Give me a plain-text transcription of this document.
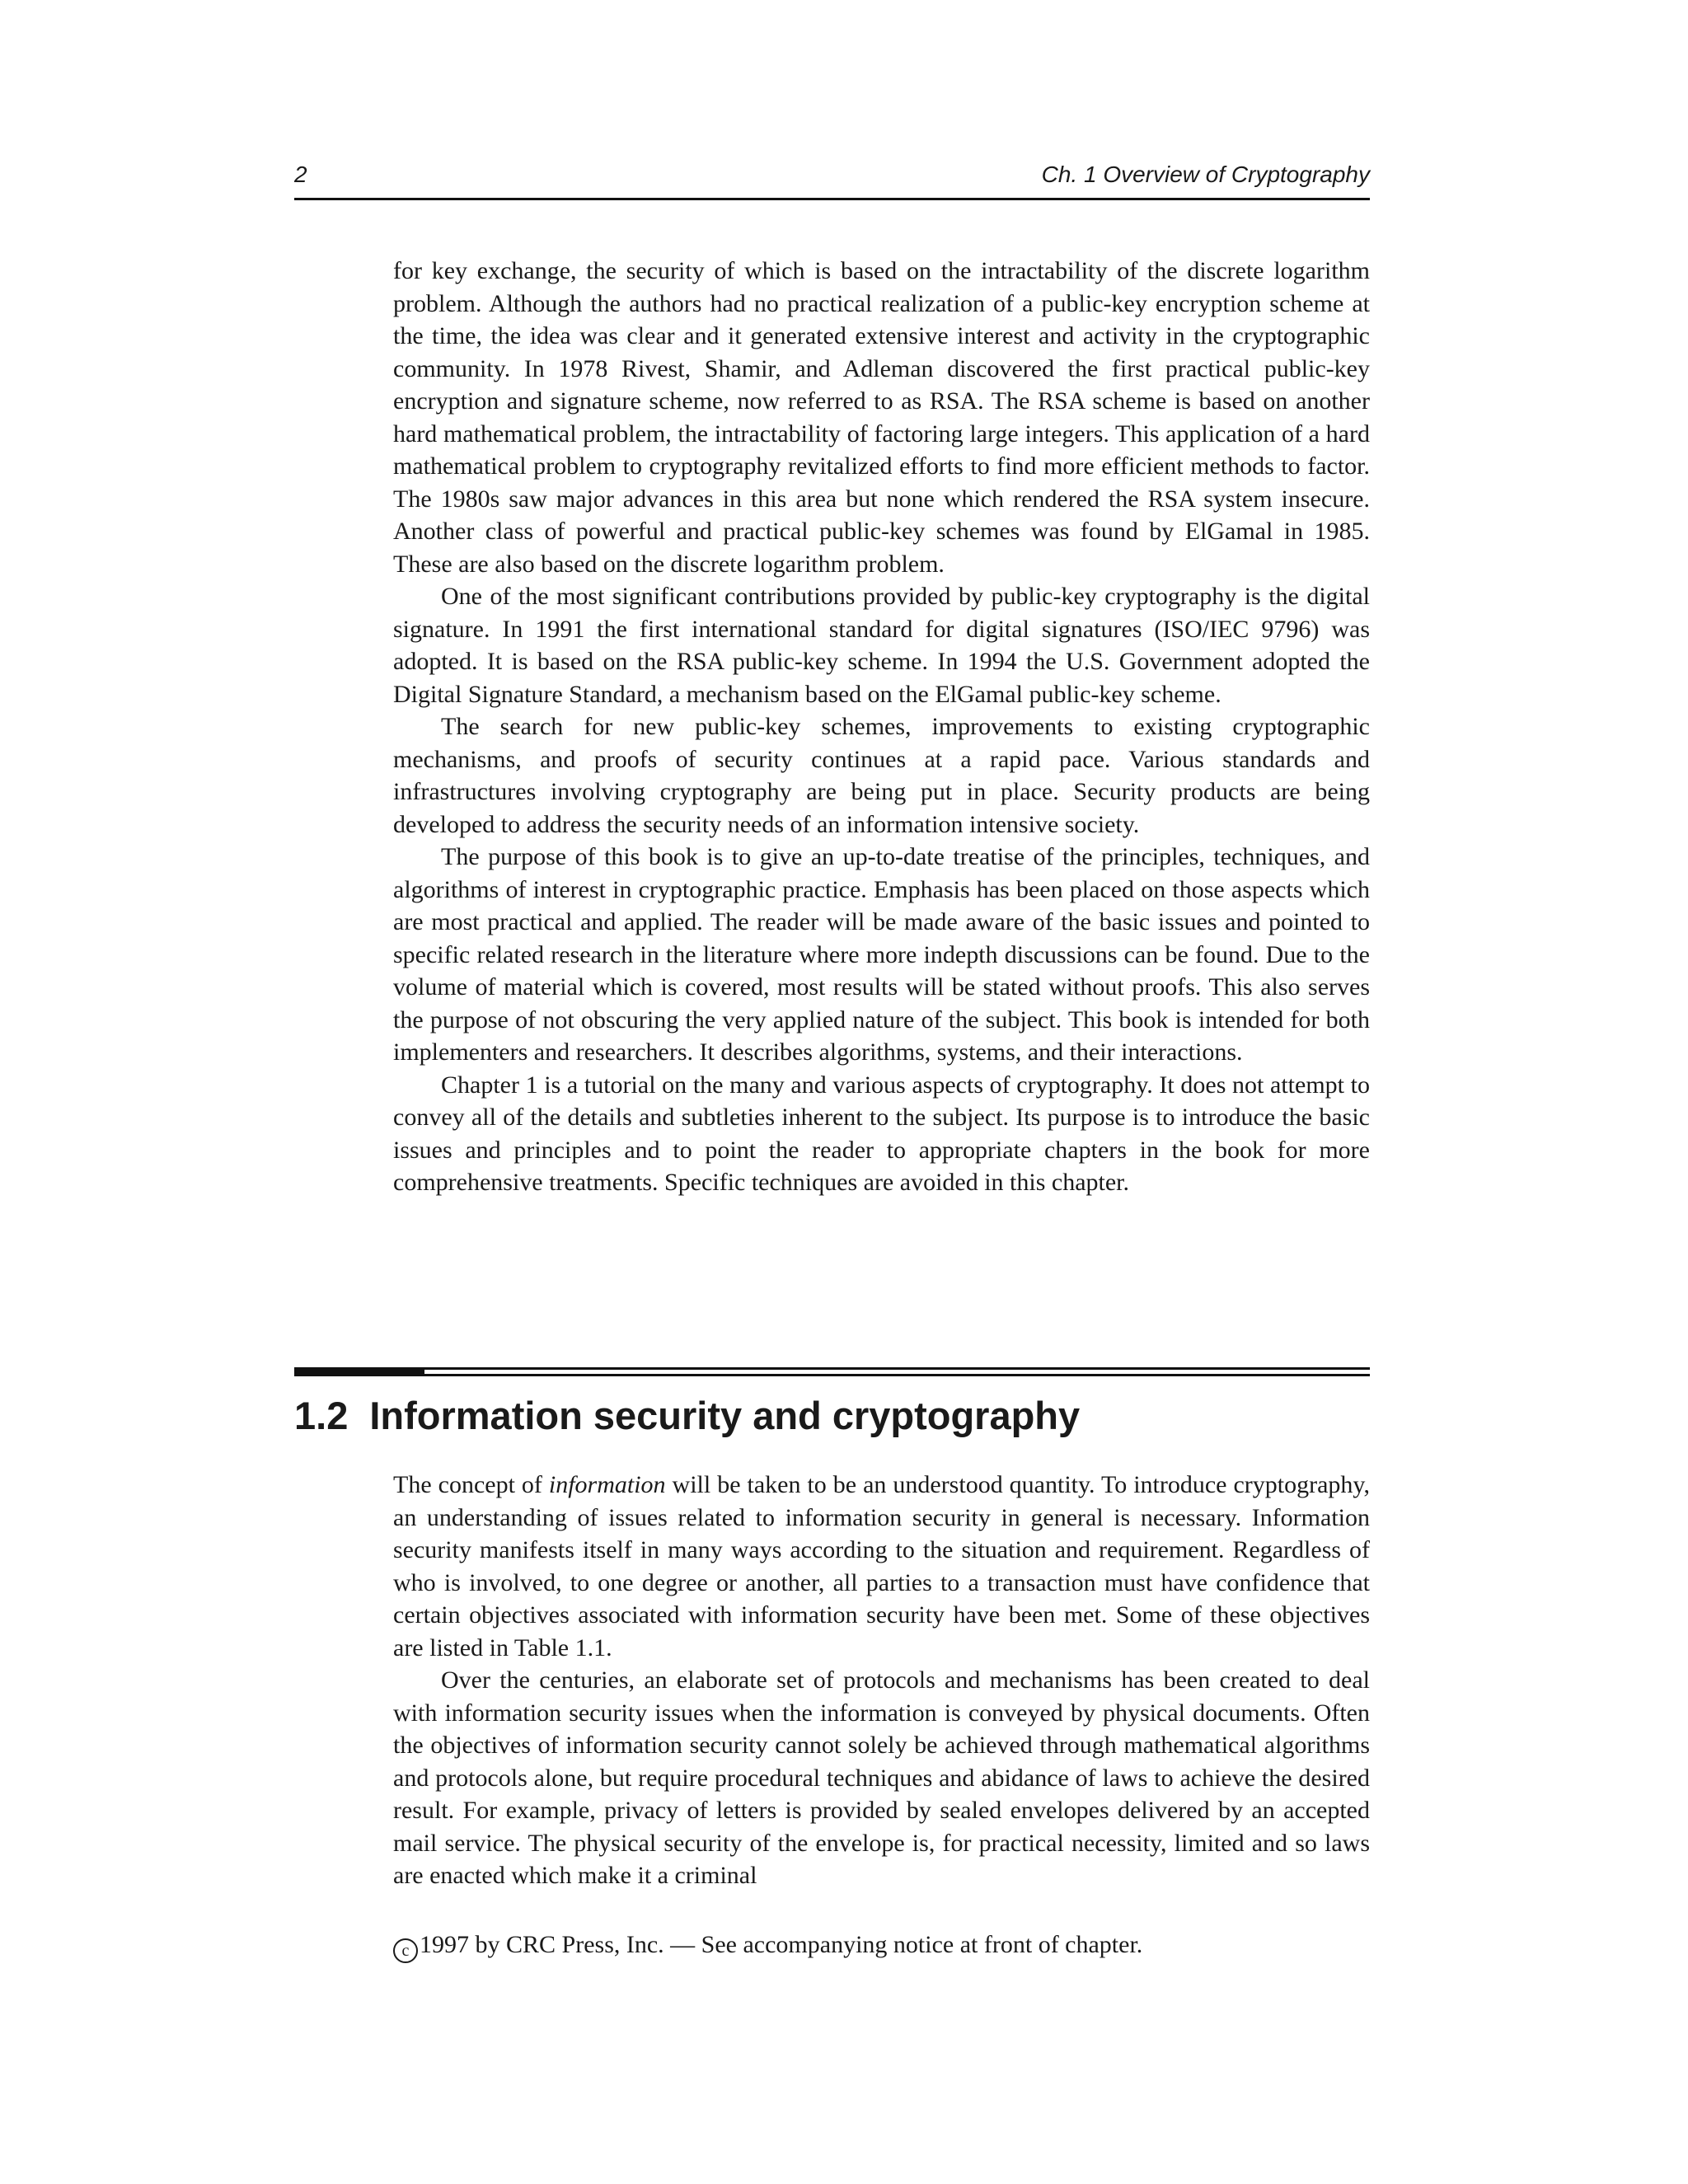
2	Ch. 1 Overview of Cryptography

for key exchange, the security of which is based on the intractability of the discrete logarithm problem. Although the authors had no practical realization of a public-key encryption scheme at the time, the idea was clear and it generated extensive interest and activity in the cryptographic community. In 1978 Rivest, Shamir, and Adleman discovered the first practical public-key encryption and signature scheme, now referred to as RSA. The RSA scheme is based on another hard mathematical problem, the intractability of factoring large integers. This application of a hard mathematical problem to cryptography revitalized efforts to find more efficient methods to factor. The 1980s saw major advances in this area but none which rendered the RSA system insecure. Another class of powerful and practical public-key schemes was found by ElGamal in 1985. These are also based on the discrete logarithm problem.

One of the most significant contributions provided by public-key cryptography is the digital signature. In 1991 the first international standard for digital signatures (ISO/IEC 9796) was adopted. It is based on the RSA public-key scheme. In 1994 the U.S. Government adopted the Digital Signature Standard, a mechanism based on the ElGamal public-key scheme.

The search for new public-key schemes, improvements to existing cryptographic mechanisms, and proofs of security continues at a rapid pace. Various standards and infrastructures involving cryptography are being put in place. Security products are being developed to address the security needs of an information intensive society.

The purpose of this book is to give an up-to-date treatise of the principles, techniques, and algorithms of interest in cryptographic practice. Emphasis has been placed on those aspects which are most practical and applied. The reader will be made aware of the basic issues and pointed to specific related research in the literature where more indepth discussions can be found. Due to the volume of material which is covered, most results will be stated without proofs. This also serves the purpose of not obscuring the very applied nature of the subject. This book is intended for both implementers and researchers. It describes algorithms, systems, and their interactions.

Chapter 1 is a tutorial on the many and various aspects of cryptography. It does not attempt to convey all of the details and subtleties inherent to the subject. Its purpose is to introduce the basic issues and principles and to point the reader to appropriate chapters in the book for more comprehensive treatments. Specific techniques are avoided in this chapter.

1.2 Information security and cryptography

The concept of information will be taken to be an understood quantity. To introduce cryptography, an understanding of issues related to information security in general is necessary. Information security manifests itself in many ways according to the situation and requirement. Regardless of who is involved, to one degree or another, all parties to a transaction must have confidence that certain objectives associated with information security have been met. Some of these objectives are listed in Table 1.1.

Over the centuries, an elaborate set of protocols and mechanisms has been created to deal with information security issues when the information is conveyed by physical documents. Often the objectives of information security cannot solely be achieved through mathematical algorithms and protocols alone, but require procedural techniques and abidance of laws to achieve the desired result. For example, privacy of letters is provided by sealed envelopes delivered by an accepted mail service. The physical security of the envelope is, for practical necessity, limited and so laws are enacted which make it a criminal

c 1997 by CRC Press, Inc. — See accompanying notice at front of chapter.
